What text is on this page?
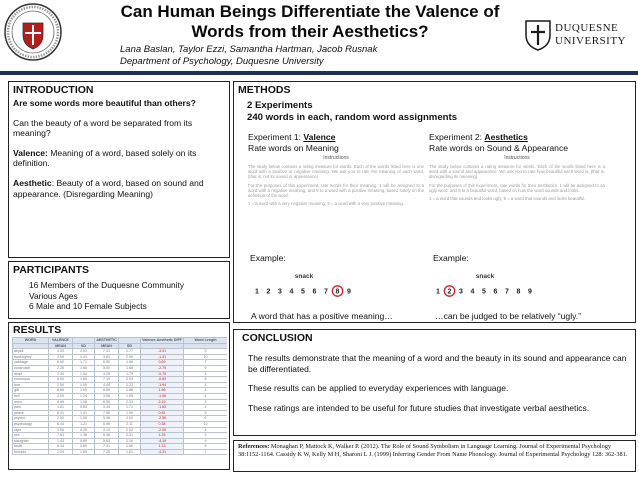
Can Human Beings Differentiate the Valence of
Words from their Aesthetics?
Lana Baslan, Taylor Ezzi, Samantha Hartman, Jacob Rusnak
Department of Psychology, Duquesne University
DUQUESNE
UNIVERSITY
INTRODUCTION

Are some words more beautiful than others?

Can the beauty of a word be separated from its meaning?

Valence: Meaning of a word, based solely on its definition.

Aesthetic: Beauty of a word, based on sound and appearance. (Disregarding Meaning)

PARTICIPANTS
16 Members of the Duquesne Community
Various Ages
6 Male and 10 Female Subjects
RESULTS
WORD	VALENCE		AESTHETIC		Valence-Aesthetic DIFF	Word Length
	MEAN	SD	MEAN	SD		
abyss	4.00	2.03	7.31	1.77	-3.31	5
bankruptcy	2.00	1.21	3.81	2.90	-1.31	10
cabbage	6.00	1.71	6.50	1.86	0.69	7
cockroach	2.25	1.65	5.00	1.88	-2.75	9
dead	2.30	1.54	3.25	1.79	-0.75	4
enormous	6.50	1.80	7.19	2.04	-0.69	8
fear	2.50	1.05	4.44	2.23	-1.94	4
gift	8.06	1.05	6.50	1.86	1.56	4
hell	2.00	1.24	3.06	1.95	-1.06	4
mom	8.69	1.08	6.50	2.33	2.19	3
pain	1.81	0.83	3.44	1.71	-1.63	4
peace	8.31	1.01	7.50	1.90	0.81	5
psycho	2.50	1.50	5.06	2.02	-2.56	6
psychology	6.44	1.21	6.06	2.11	0.38	10
rape	1.06	0.25	3.13	2.02	-2.06	4
sex	7.63	1.36	6.38	2.31	1.25	3
slaughter	1.44	0.89	5.63	2.16	-4.19	9
smile	8.44	0.89	7.31	1.66	1.13	5
tornado	2.94	1.69	7.25	1.61	-4.31	7
METHODS
2 Experiments
240 words in each, random word assignments
Experiment 1: Valence
Rate words on Meaning
Experiment 2: Aesthetics
Rate words on Sound & Appearance
Instructions
The study below contains a rating measure for words. Each of the words listed here is one word with a positive or negative meaning. We ask you to rate the meaning of each word, (that is, not its sound or appearance).
For the purposes of this experiment, rate words for their meaning. 1 will be assigned to a word with a negative meaning, and 9 to a word with a positive meaning, based solely on the definition of the word.
1 = a word with a very negative meaning; 9 = a word with a very positive meaning.
Instructions
The study below contains a rating measure for words. Each of the words listed here is a word with a sound and appearance. We ask you to rate how beautiful each word is, (that is, disregarding its meaning).
For the purposes of this experiment, rate words for their aesthetics. 1 will be assigned to an ugly word, and 9 to a beautiful word, based on how the word sounds and looks.
1 = a word that sounds and looks ugly; 9 = a word that sounds and looks beautiful.
Example:	Example:
snack
1 2 3 4 5 6 7 8 9
snack
1 2 3 4 5 6 7 8 9
A word that has a positive meaning…	…can be judged to be relatively “ugly.”
CONCLUSION

The results demonstrate that the meaning of a word and the beauty in its sound and appearance can be differentiated.

These results can be applied to everyday experiences with language.

These ratings are intended to be useful for future studies that investigate verbal aesthetics.

References: Monaghan P, Mattock K, Walker P. (2012). The Role of Sound Symbolism in Language Learning. Journal of Experimental Psychology 38:1152-1164. Cassidy K W, Kelly M H, Sharoni L J. (1999) Inferring Gender From Name Phonology. Journal of Experimental Psychology 128: 362-381.
